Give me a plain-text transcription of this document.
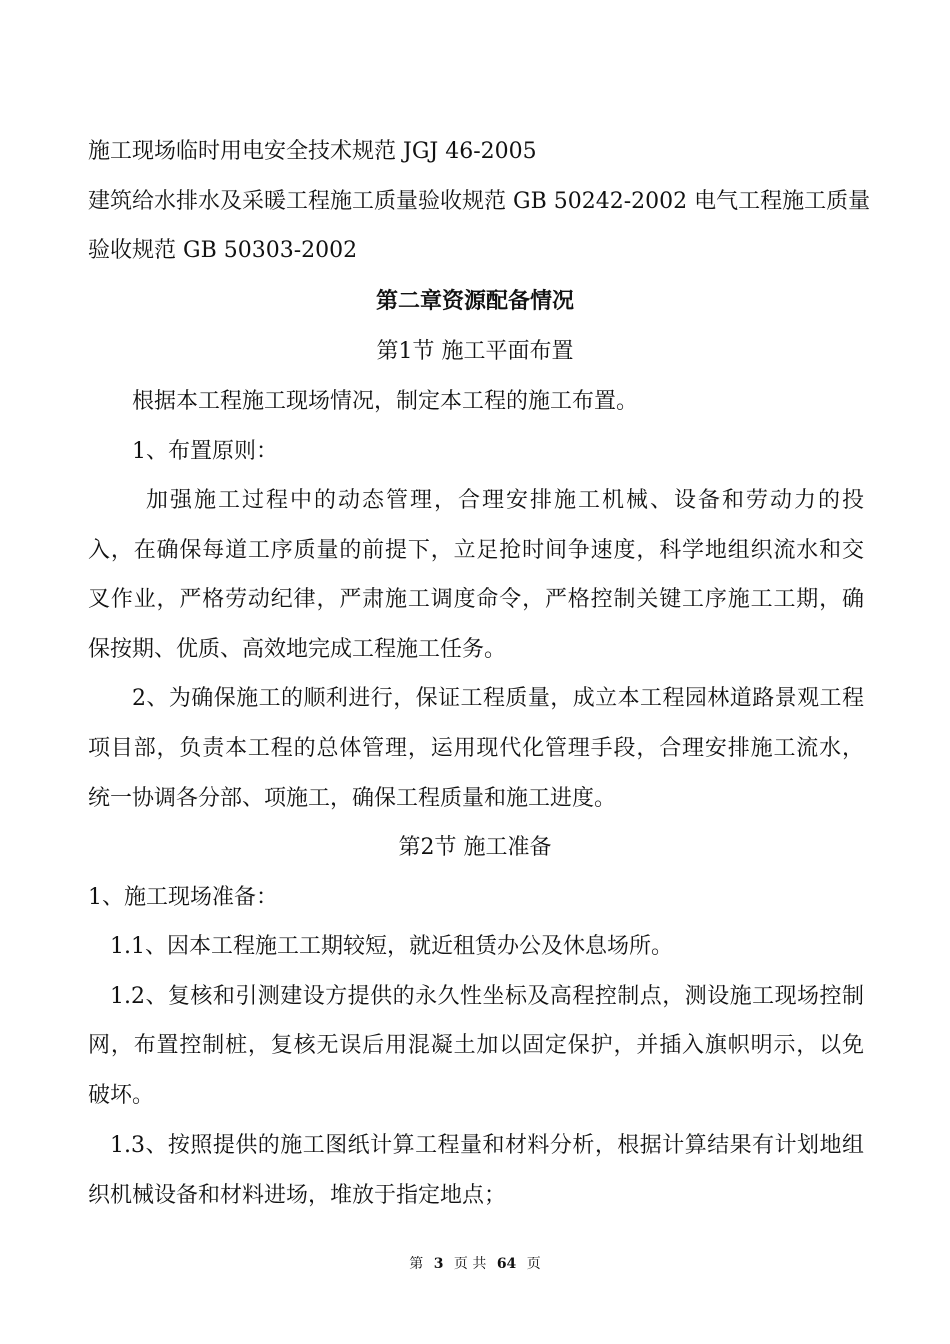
施工现场临时用电安全技术规范 JGJ 46-2005
建筑给水排水及采暖工程施工质量验收规范 GB 50242-2002 电气工程施工质量
验收规范 GB 50303-2002
第二章资源配备情况
第1节 施工平面布置
根据本工程施工现场情况，制定本工程的施工布置。
1、布置原则：
加强施工过程中的动态管理，合理安排施工机械、设备和劳动力的投
入，在确保每道工序质量的前提下，立足抢时间争速度，科学地组织流水和交
叉作业，严格劳动纪律，严肃施工调度命令，严格控制关键工序施工工期，确
保按期、优质、高效地完成工程施工任务。
2、为确保施工的顺利进行，保证工程质量，成立本工程园林道路景观工程
项目部，负责本工程的总体管理，运用现代化管理手段，合理安排施工流水，
统一协调各分部、项施工，确保工程质量和施工进度。
第2节 施工准备
1、施工现场准备：
1.1、因本工程施工工期较短，就近租赁办公及休息场所。
1.2、复核和引测建设方提供的永久性坐标及高程控制点，测设施工现场控制
网，布置控制桩，复核无误后用混凝土加以固定保护，并插入旗帜明示，以免
破坏。
1.3、按照提供的施工图纸计算工程量和材料分析，根据计算结果有计划地组
织机械设备和材料进场，堆放于指定地点；
第 3 页 共 64 页
